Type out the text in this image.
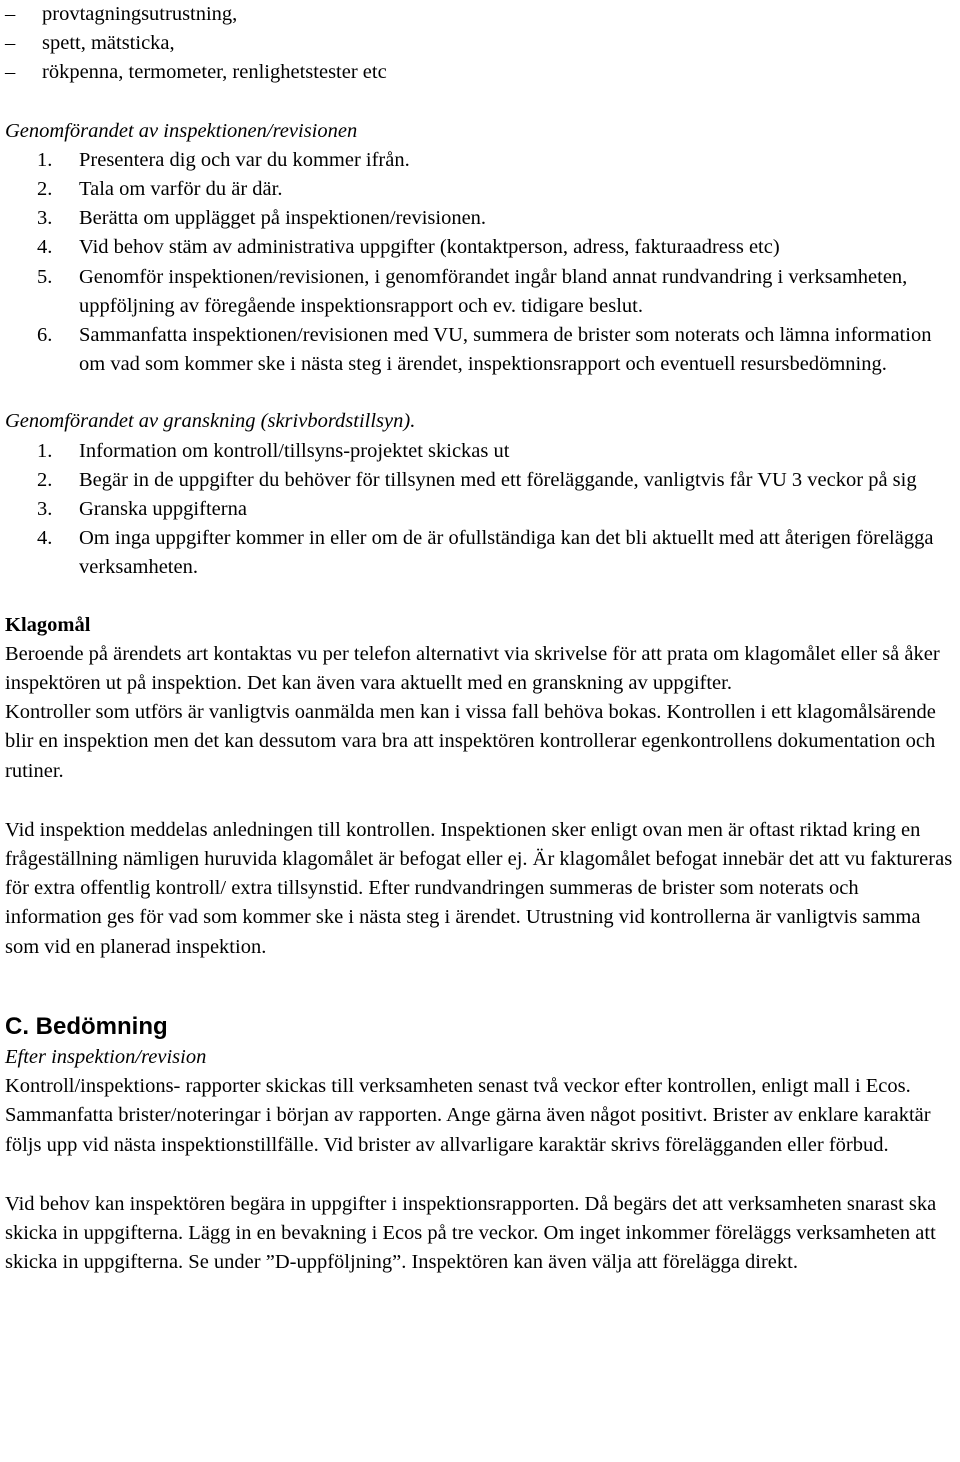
– provtagningsutrustning,
– spett, mätsticka,
– rökpenna, termometer, renlighetstester etc
Genomförandet av inspektionen/revisionen
1.	Presentera dig och var du kommer ifrån.
2.	Tala om varför du är där.
3.	Berätta om upplägget på inspektionen/revisionen.
4.	Vid behov stäm av administrativa uppgifter (kontaktperson, adress, fakturaadress etc)
5.	Genomför inspektionen/revisionen, i genomförandet ingår bland annat rundvandring i verksamheten, uppföljning av föregående inspektionsrapport och ev. tidigare beslut.
6.	Sammanfatta inspektionen/revisionen med VU, summera de brister som noterats och lämna information om vad som kommer ske i nästa steg i ärendet, inspektionsrapport och eventuell resursbedömning.
Genomförandet av granskning (skrivbordstillsyn).
1.	Information om kontroll/tillsyns-projektet skickas ut
2.	Begär in de uppgifter du behöver för tillsynen med ett föreläggande, vanligtvis får VU 3 veckor på sig
3.	Granska uppgifterna
4.	Om inga uppgifter kommer in eller om de är ofullständiga kan det bli aktuellt med att återigen förelägga verksamheten.
Klagomål

Beroende på ärendets art kontaktas vu per telefon alternativt via skrivelse för att prata om klagomålet eller så åker inspektören ut på inspektion. Det kan även vara aktuellt med en granskning av uppgifter.

Kontroller som utförs är vanligtvis oanmälda men kan i vissa fall behöva bokas. Kontrollen i ett klagomålsärende blir en inspektion men det kan dessutom vara bra att inspektören kontrollerar egenkontrollens dokumentation och rutiner.

Vid inspektion meddelas anledningen till kontrollen. Inspektionen sker enligt ovan men är oftast riktad kring en frågeställning nämligen huruvida klagomålet är befogat eller ej. Är klagomålet befogat innebär det att vu faktureras för extra offentlig kontroll/ extra tillsynstid. Efter rundvandringen summeras de brister som noterats och information ges för vad som kommer ske i nästa steg i ärendet. Utrustning vid kontrollerna är vanligtvis samma som vid en planerad inspektion.

C. Bedömning
Efter inspektion/revision

Kontroll/inspektions- rapporter skickas till verksamheten senast två veckor efter kontrollen, enligt mall i Ecos. Sammanfatta brister/noteringar i början av rapporten. Ange gärna även något positivt. Brister av enklare karaktär följs upp vid nästa inspektionstillfälle. Vid brister av allvarligare karaktär skrivs förelägganden eller förbud.

Vid behov kan inspektören begära in uppgifter i inspektionsrapporten. Då begärs det att verksamheten snarast ska skicka in uppgifterna. Lägg in en bevakning i Ecos på tre veckor. Om inget inkommer föreläggs verksamheten att skicka in uppgifterna. Se under ”D-uppföljning”. Inspektören kan även välja att förelägga direkt.
